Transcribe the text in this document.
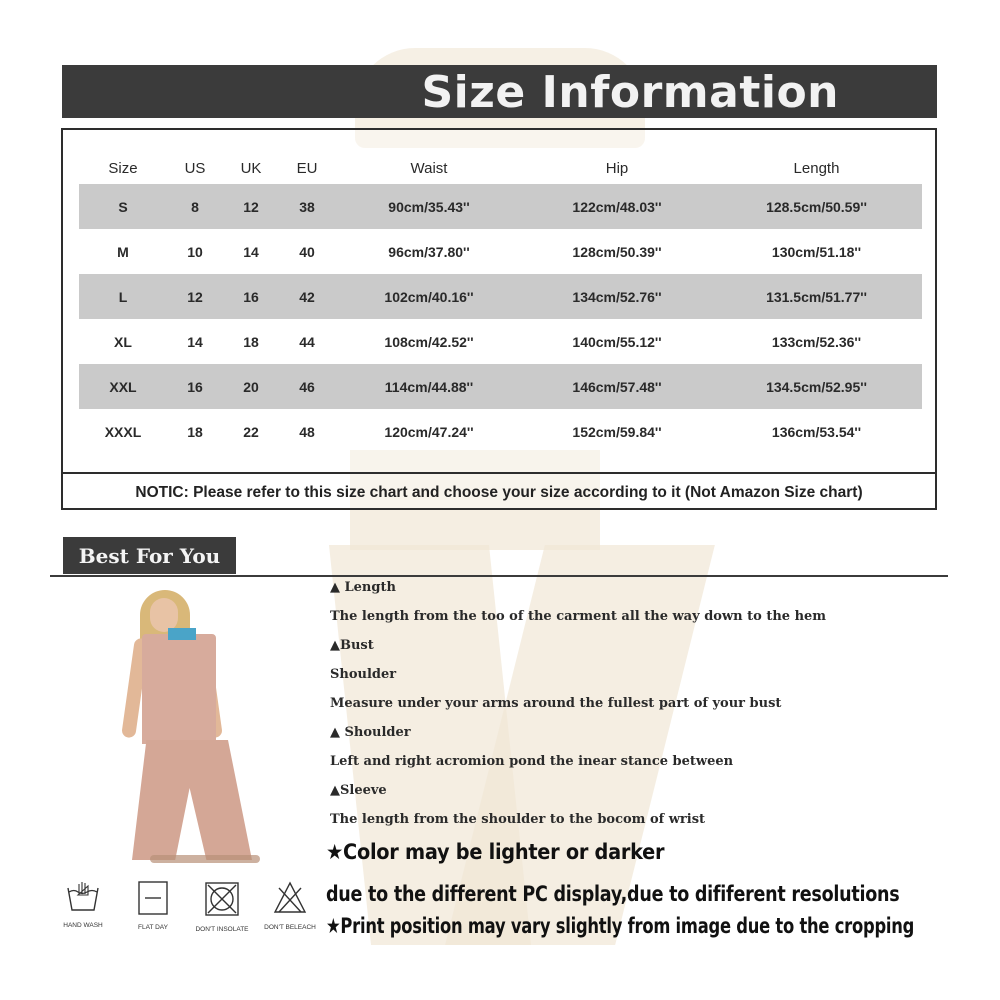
Size Information
Size	US	UK	EU	Waist	Hip	Length
S	8	12	38	90cm/35.43''	122cm/48.03''	128.5cm/50.59''
M	10	14	40	96cm/37.80''	128cm/50.39''	130cm/51.18''
L	12	16	42	102cm/40.16''	134cm/52.76''	131.5cm/51.77''
XL	14	18	44	108cm/42.52''	140cm/55.12''	133cm/52.36''
XXL	16	20	46	114cm/44.88''	146cm/57.48''	134.5cm/52.95''
XXXL	18	22	48	120cm/47.24''	152cm/59.84''	136cm/53.54''
NOTIC: Please refer to this size chart and choose your size according to it (Not Amazon Size chart)
Best For You
HAND WASH	FLAT DAY	DON'T INSOLATE	DON'T BELEACH
▲ Length
The length from the too of the carment all the way down to the hem
▲Bust
Shoulder
Measure under your arms around the fullest part of your bust
▲ Shoulder
Left and right acromion pond the inear stance between
▲Sleeve
The length from the shoulder to the bocom of wrist
★Color may be lighter or darker
due to the different PC display,due to dififerent resolutions
★Print position may vary slightly from image due to the cropping
